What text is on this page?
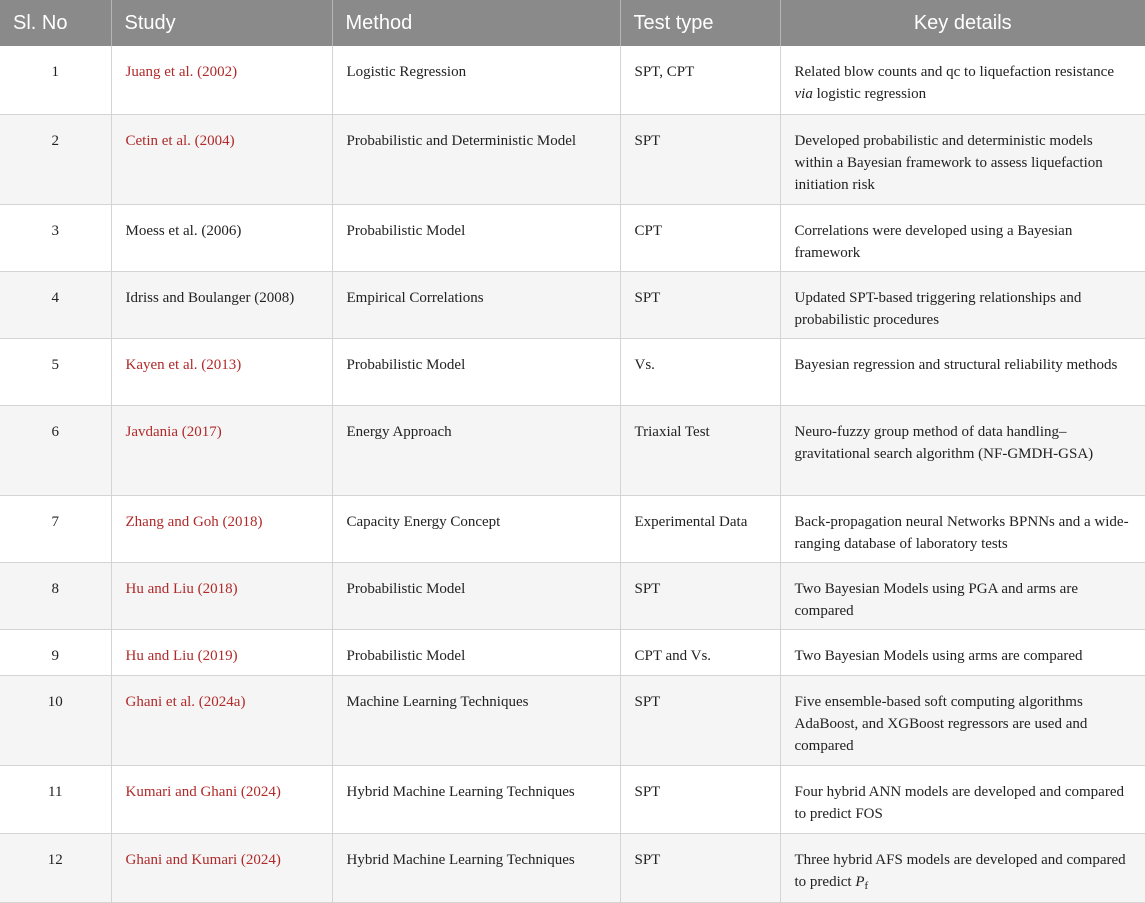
Sl. No	Study	Method	Test type	Key details
1	Juang et al. (2002)	Logistic Regression	SPT, CPT	Related blow counts and qc to liquefaction resistance via logistic regression
2	Cetin et al. (2004)	Probabilistic and Deterministic Model	SPT	Developed probabilistic and deterministic models within a Bayesian framework to assess liquefaction initiation risk
3	Moess et al. (2006)	Probabilistic Model	CPT	Correlations were developed using a Bayesian framework
4	Idriss and Boulanger (2008)	Empirical Correlations	SPT	Updated SPT-based triggering relationships and probabilistic procedures
5	Kayen et al. (2013)	Probabilistic Model	Vs.	Bayesian regression and structural reliability methods
6	Javdania (2017)	Energy Approach	Triaxial Test	Neuro-fuzzy group method of data handling–gravitational search algorithm (NF-GMDH-GSA)
7	Zhang and Goh (2018)	Capacity Energy Concept	Experimental Data	Back-propagation neural Networks BPNNs and a wide-ranging database of laboratory tests
8	Hu and Liu (2018)	Probabilistic Model	SPT	Two Bayesian Models using PGA and arms are compared
9	Hu and Liu (2019)	Probabilistic Model	CPT and Vs.	Two Bayesian Models using arms are compared
10	Ghani et al. (2024a)	Machine Learning Techniques	SPT	Five ensemble-based soft computing algorithms AdaBoost, and XGBoost regressors are used and compared
11	Kumari and Ghani (2024)	Hybrid Machine Learning Techniques	SPT	Four hybrid ANN models are developed and compared to predict FOS
12	Ghani and Kumari (2024)	Hybrid Machine Learning Techniques	SPT	Three hybrid AFS models are developed and compared to predict $P_f$
